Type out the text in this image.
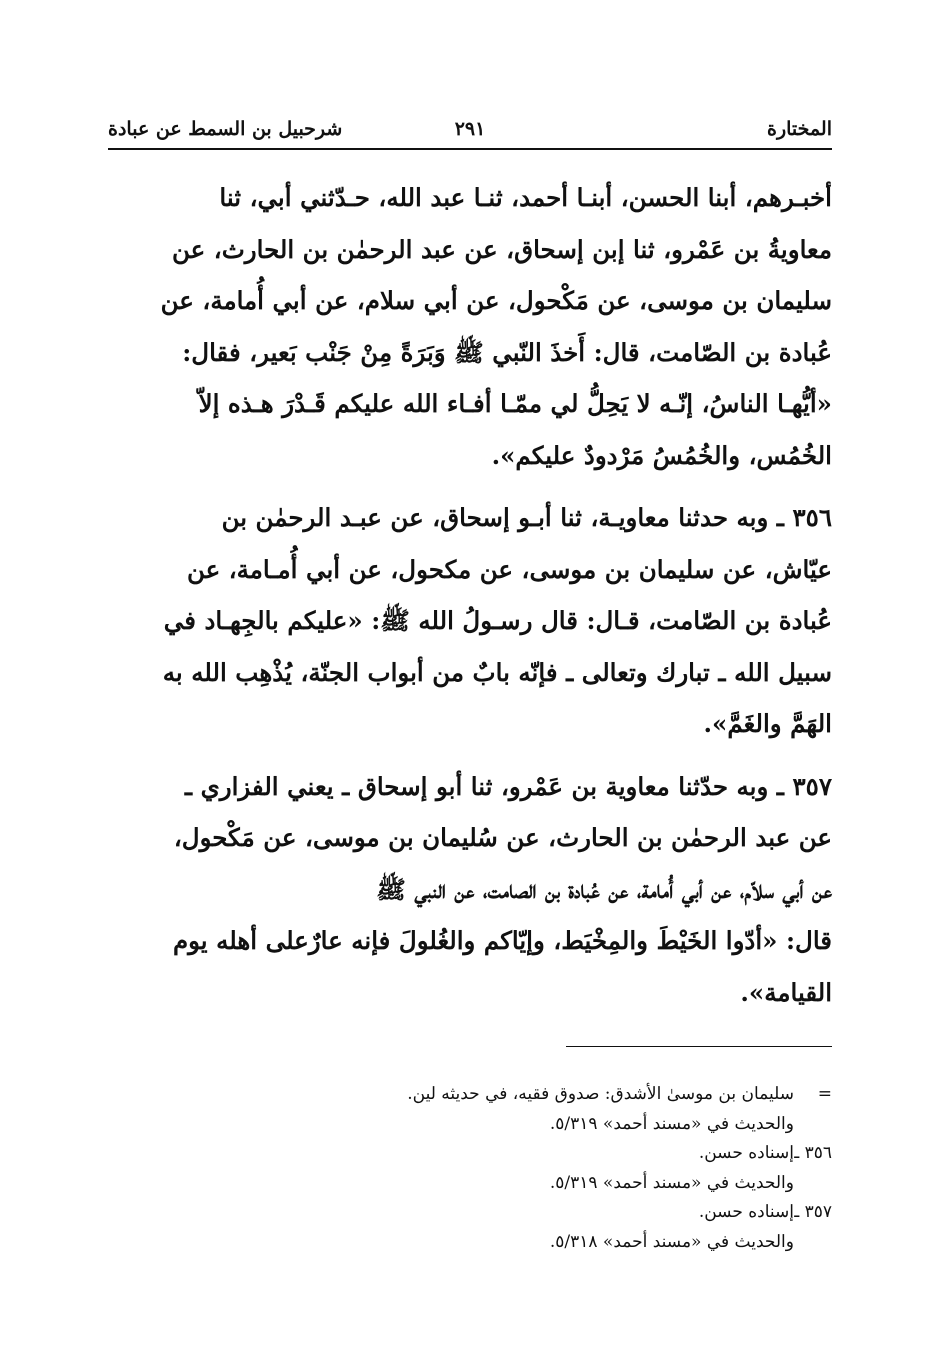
المختارة
٢٩١
شرحبيل بن السمط عن عبادة

أخبـرهم، أبنا الحسن، أبنـا أحمد، ثنـا عبد الله، حـدّثني أبي، ثنا
معاويةُ بن عَمْرو، ثنا إبن إسحاق، عن عبد الرحمٰن بن الحارث، عن
سليمان بن موسى، عن مَكْحول، عن أبي سلام، عن أبي أُمامة، عن
عُبادة بن الصّامت، قال: أَخذَ النّبي ﷺ وَبَرَةً مِنْ جَنْب بَعير، فقال:
«أيُّهـا الناسُ، إنّـه لا يَحِلُّ لي ممّـا أفـاء الله عليكم قَـدْرَ هـذه إلاّ
الخُمُس، والخُمُسُ مَرْدودٌ عليكم».

٣٥٦ ـ وبه حدثنا معاويـة، ثنا أبـو إسحاق، عن عبـد الرحمٰن بن
عيّاش، عن سليمان بن موسى، عن مكحول، عن أبي أُمـامة، عن
عُبادة بن الصّامت، قـال: قال رسـولُ الله ﷺ: «عليكم بالجِهـاد في
سبيل الله ـ تبارك وتعالى ـ فإنّه بابٌ من أبواب الجنّة، يُذْهِب الله به
الهَمَّ والغَمَّ».

٣٥٧ ـ وبه حدّثنا معاوية بن عَمْرو، ثنا أبو إسحاق ـ يعني الفزاري ـ
عن عبد الرحمٰن بن الحارث، عن سُليمان بن موسى، عن مَكْحول،
عن أبي سلاّم، عن أبي أُمامة، عن عُبادة بن الصامت، عن النبي ﷺ
قال: «أدّوا الخَيْطَ والمِخْيَط، وإيّاكم والغُلولَ فإنه عارٌعلى أهله يوم
القيامة».

=
سليمان بن موسىٰ الأشدق: صدوق فقيه، في حديثه لين.
والحديث في «مسند أحمد» ٥/٣١٩.
٣٥٦ ـ
إسناده حسن.
والحديث في «مسند أحمد» ٥/٣١٩.
٣٥٧ ـ
إسناده حسن.
والحديث في «مسند أحمد» ٥/٣١٨.
